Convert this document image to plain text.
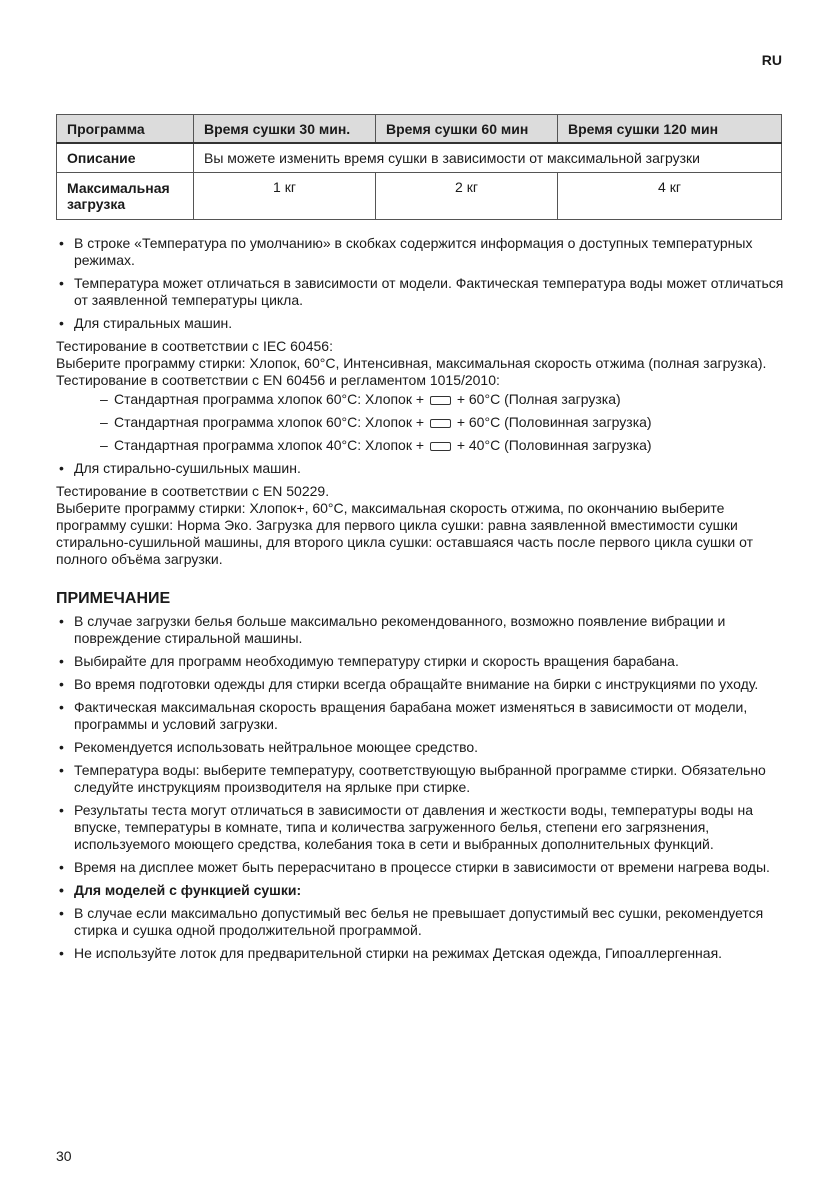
RU
Программа	Время сушки 30 мин.	Время сушки 60 мин	Время сушки 120 мин
Описание	Вы можете изменить время сушки в зависимости от максимальной загрузки		
Максимальная загрузка	1 кг	2 кг	4 кг

• В строке «Температура по умолчанию» в скобках содержится информация о доступных температурных режимах.

• Температура может отличаться в зависимости от модели. Фактическая температура воды может отличаться от заявленной температуры цикла.

• Для стиральных машин.

Тестирование в соответствии с IEC 60456:

Выберите программу стирки: Хлопок, 60°C, Интенсивная, максимальная скорость отжима (полная загрузка).

Тестирование в соответствии с EN 60456 и регламентом 1015/2010:

– Стандартная программа хлопок 60°C: Хлопок + + 60°C (Полная загрузка)
– Стандартная программа хлопок 60°C: Хлопок + + 60°C (Половинная загрузка)
– Стандартная программа хлопок 40°C: Хлопок + + 40°C (Половинная загрузка)

• Для стирально-сушильных машин.

Тестирование в соответствии с EN 50229.

Выберите программу стирки: Хлопок+, 60°C, максимальная скорость отжима, по окончанию выберите программу сушки: Норма Эко. Загрузка для первого цикла сушки: равна заявленной вместимости сушки стирально-сушильной машины, для второго цикла сушки: оставшаяся часть после первого цикла сушки от полного объёма загрузки.

ПРИМЕЧАНИЕ

• В случае загрузки белья больше максимально рекомендованного, возможно появление вибрации и повреждение стиральной машины.

• Выбирайте для программ необходимую температуру стирки и скорость вращения барабана.

• Во время подготовки одежды для стирки всегда обращайте внимание на бирки с инструкциями по уходу.

• Фактическая максимальная скорость вращения барабана может изменяться в зависимости от модели, программы и условий загрузки.

• Рекомендуется использовать нейтральное моющее средство.

• Температура воды: выберите температуру, соответствующую выбранной программе стирки. Обязательно следуйте инструкциям производителя на ярлыке при стирке.

• Результаты теста могут отличаться в зависимости от давления и жесткости воды, температуры воды на впуске, температуры в комнате, типа и количества загруженного белья, степени его загрязнения, используемого моющего средства, колебания тока в сети и выбранных дополнительных функций.

• Время на дисплее может быть перерасчитано в процессе стирки в зависимости от времени нагрева воды.

• Для моделей с функцией сушки:

• В случае если максимально допустимый вес белья не превышает допустимый вес сушки, рекомендуется стирка и сушка одной продолжительной программой.

• Не используйте лоток для предварительной стирки на режимах Детская одежда, Гипоаллергенная.

30
